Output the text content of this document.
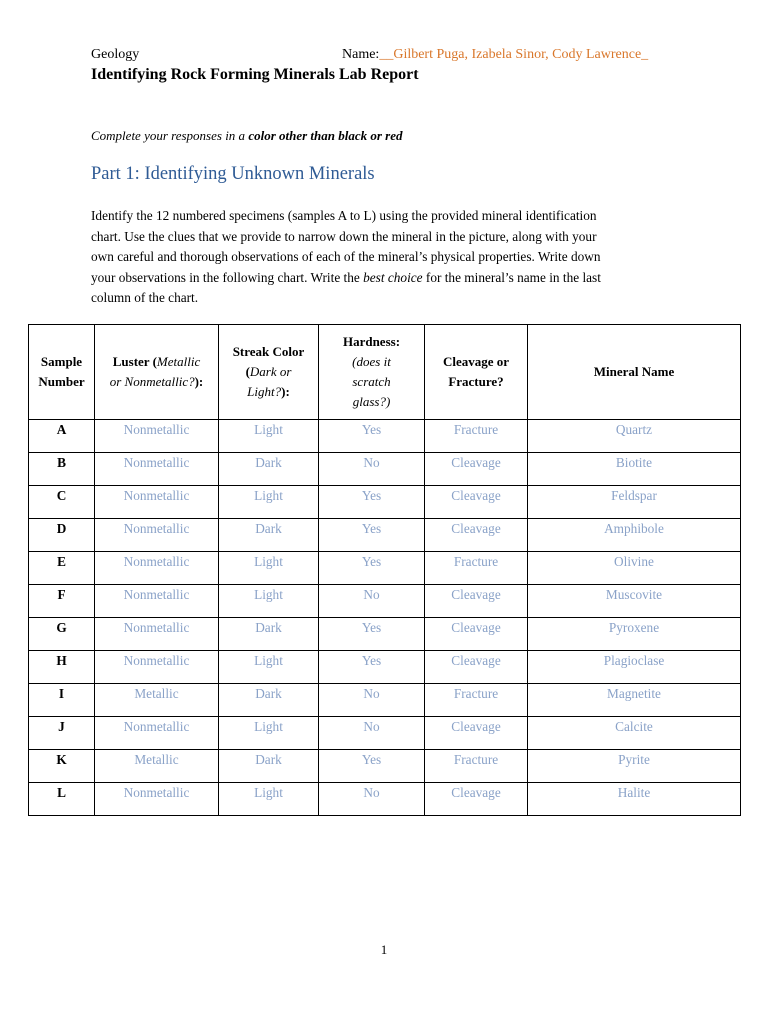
Geology	Name:__Gilbert Puga, Izabela Sinor, Cody Lawrence_
Identifying Rock Forming Minerals Lab Report
Complete your responses in a color other than black or red
Part 1: Identifying Unknown Minerals

Identify the 12 numbered specimens (samples A to L) using the provided mineral identification

chart. Use the clues that we provide to narrow down the mineral in the picture, along with your

own careful and thorough observations of each of the mineral’s physical properties. Write down

your observations in the following chart. Write the best choice for the mineral’s name in the last

column of the chart.

Sample
Number	Luster (Metallic
or Nonmetallic?):	Streak Color
(Dark or
Light?):	Hardness:
(does it
scratch
glass?)	Cleavage or
Fracture?	Mineral Name
A	Nonmetallic	Light	Yes	Fracture	Quartz
B	Nonmetallic	Dark	No	Cleavage	Biotite
C	Nonmetallic	Light	Yes	Cleavage	Feldspar
D	Nonmetallic	Dark	Yes	Cleavage	Amphibole
E	Nonmetallic	Light	Yes	Fracture	Olivine
F	Nonmetallic	Light	No	Cleavage	Muscovite
G	Nonmetallic	Dark	Yes	Cleavage	Pyroxene
H	Nonmetallic	Light	Yes	Cleavage	Plagioclase
I	Metallic	Dark	No	Fracture	Magnetite
J	Nonmetallic	Light	No	Cleavage	Calcite
K	Metallic	Dark	Yes	Fracture	Pyrite
L	Nonmetallic	Light	No	Cleavage	Halite
1
